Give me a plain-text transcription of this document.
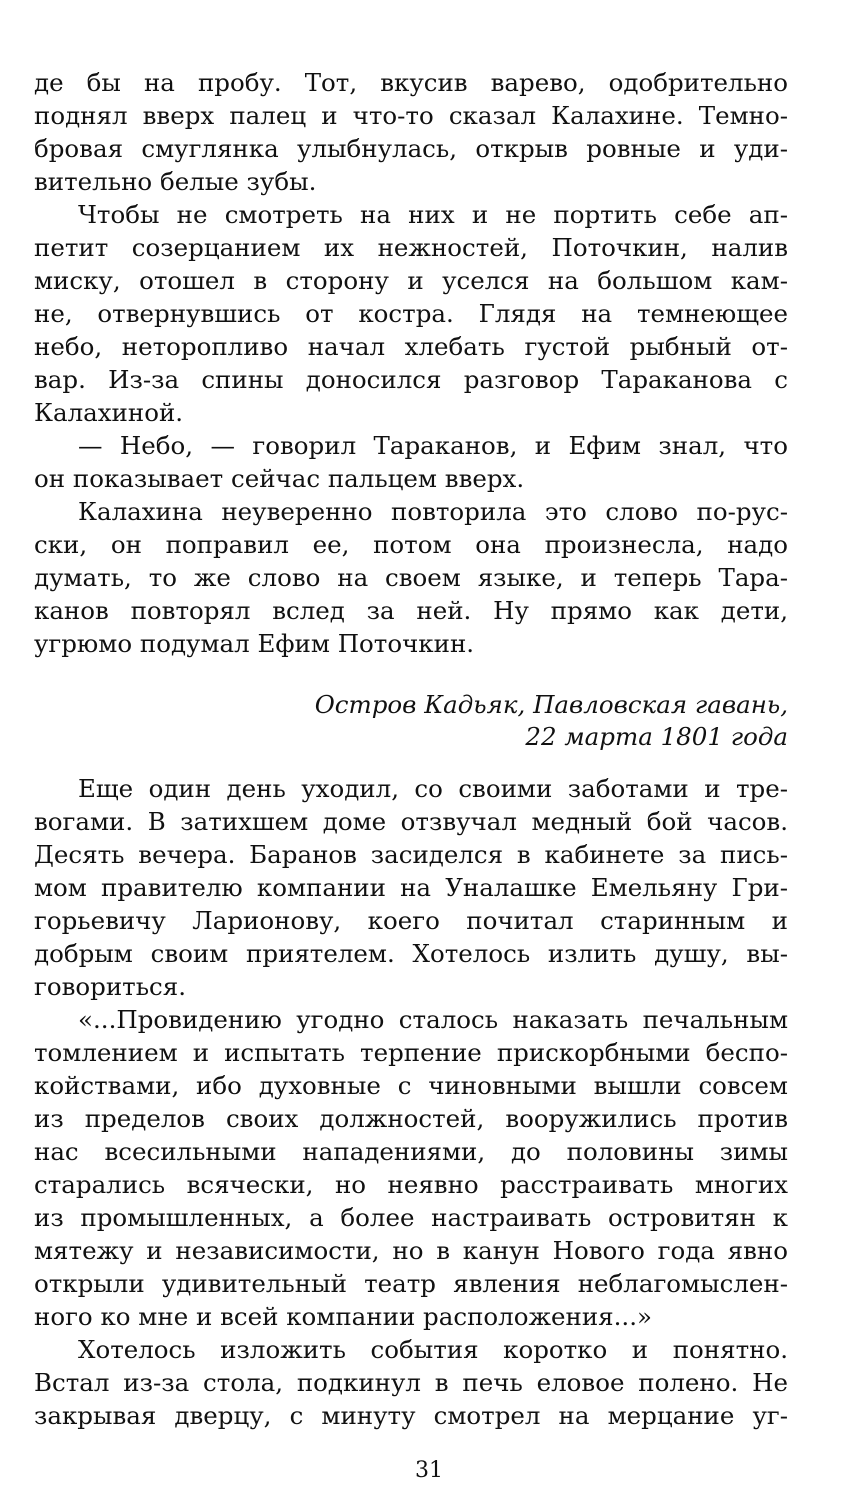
де бы на пробу. Тот, вкусив варево, одобрительно
поднял вверх палец и что-то сказал Калахине. Темно-
бровая смуглянка улыбнулась, открыв ровные и уди-
вительно белые зубы.
Чтобы не смотреть на них и не портить себе ап-
петит созерцанием их нежностей, Поточкин, налив
миску, отошел в сторону и уселся на большом кам-
не, отвернувшись от костра. Глядя на темнеющее
небо, неторопливо начал хлебать густой рыбный от-
вар. Из-за спины доносился разговор Тараканова с
Калахиной.
— Небо, — говорил Тараканов, и Ефим знал, что
он показывает сейчас пальцем вверх.
Калахина неуверенно повторила это слово по-рус-
ски, он поправил ее, потом она произнесла, надо
думать, то же слово на своем языке, и теперь Тара-
канов повторял вслед за ней. Ну прямо как дети,
угрюмо подумал Ефим Поточкин.
Остров Кадьяк, Павловская гавань,
22 марта 1801 года
Еще один день уходил, со своими заботами и тре-
вогами. В затихшем доме отзвучал медный бой часов.
Десять вечера. Баранов засиделся в кабинете за пись-
мом правителю компании на Уналашке Емельяну Гри-
горьевичу Ларионову, коего почитал старинным и
добрым своим приятелем. Хотелось излить душу, вы-
говориться.
«...Провидению угодно сталось наказать печальным
томлением и испытать терпение прискорбными беспо-
койствами, ибо духовные с чиновными вышли совсем
из пределов своих должностей, вооружились против
нас всесильными нападениями, до половины зимы
старались всячески, но неявно расстраивать многих
из промышленных, а более настраивать островитян к
мятежу и независимости, но в канун Нового года явно
открыли удивительный театр явления неблагомыслен-
ного ко мне и всей компании расположения...»
Хотелось изложить события коротко и понятно.
Встал из-за стола, подкинул в печь еловое полено. Не
закрывая дверцу, с минуту смотрел на мерцание уг-
31
